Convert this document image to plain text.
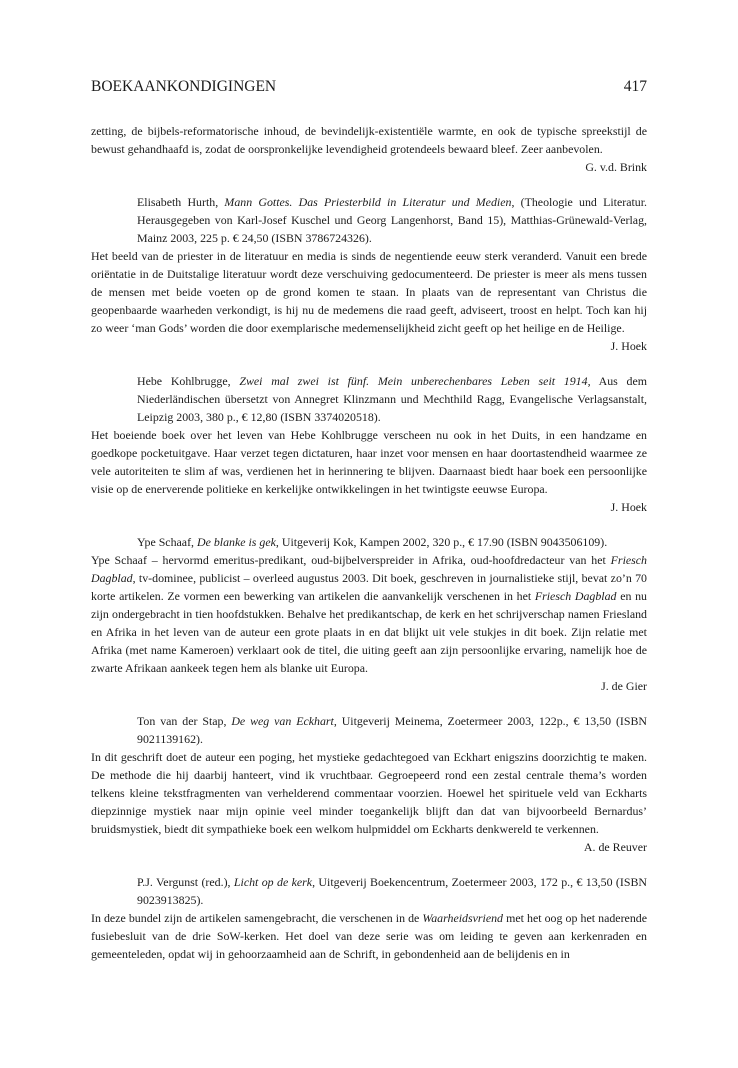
BOEKAANKONDIGINGEN	417

zetting, de bijbels-reformatorische inhoud, de bevindelijk-existentiële warmte, en ook de typische spreekstijl de bewust gehandhaafd is, zodat de oorspronkelijke levendigheid grotendeels bewaard bleef. Zeer aanbevolen.

G. v.d. Brink

Elisabeth Hurth, Mann Gottes. Das Priesterbild in Literatur und Medien, (Theologie und Literatur. Herausgegeben von Karl-Josef Kuschel und Georg Langenhorst, Band 15), Matthias-Grünewald-Verlag, Mainz 2003, 225 p. € 24,50 (ISBN 3786724326).

Het beeld van de priester in de literatuur en media is sinds de negentiende eeuw sterk veranderd. Vanuit een brede oriëntatie in de Duitstalige literatuur wordt deze verschuiving gedocumenteerd. De priester is meer als mens tussen de mensen met beide voeten op de grond komen te staan. In plaats van de representant van Christus die geopenbaarde waarheden verkondigt, is hij nu de medemens die raad geeft, adviseert, troost en helpt. Toch kan hij zo weer ‘man Gods’ worden die door exemplarische medemenselijkheid zicht geeft op het heilige en de Heilige.

J. Hoek

Hebe Kohlbrugge, Zwei mal zwei ist fünf. Mein unberechenbares Leben seit 1914, Aus dem Niederländischen übersetzt von Annegret Klinzmann und Mechthild Ragg, Evangelische Verlagsanstalt, Leipzig 2003, 380 p., € 12,80 (ISBN 3374020518).

Het boeiende boek over het leven van Hebe Kohlbrugge verscheen nu ook in het Duits, in een handzame en goedkope pocketuitgave. Haar verzet tegen dictaturen, haar inzet voor mensen en haar doortastendheid waarmee ze vele autoriteiten te slim af was, verdienen het in herinnering te blijven. Daarnaast biedt haar boek een persoonlijke visie op de enerverende politieke en kerkelijke ontwikkelingen in het twintigste eeuwse Europa.

J. Hoek

Ype Schaaf, De blanke is gek, Uitgeverij Kok, Kampen 2002, 320 p., € 17.90 (ISBN 9043506109).

Ype Schaaf – hervormd emeritus-predikant, oud-bijbelverspreider in Afrika, oud-hoofdredacteur van het Friesch Dagblad, tv-dominee, publicist – overleed augustus 2003. Dit boek, geschreven in journalistieke stijl, bevat zo’n 70 korte artikelen. Ze vormen een bewerking van artikelen die aanvankelijk verschenen in het Friesch Dagblad en nu zijn ondergebracht in tien hoofdstukken. Behalve het predikantschap, de kerk en het schrijverschap namen Friesland en Afrika in het leven van de auteur een grote plaats in en dat blijkt uit vele stukjes in dit boek. Zijn relatie met Afrika (met name Kameroen) verklaart ook de titel, die uiting geeft aan zijn persoonlijke ervaring, namelijk hoe de zwarte Afrikaan aankeek tegen hem als blanke uit Europa.

J. de Gier

Ton van der Stap, De weg van Eckhart, Uitgeverij Meinema, Zoetermeer 2003, 122p., € 13,50 (ISBN 9021139162).

In dit geschrift doet de auteur een poging, het mystieke gedachtegoed van Eckhart enigszins doorzichtig te maken. De methode die hij daarbij hanteert, vind ik vruchtbaar. Gegroepeerd rond een zestal centrale thema’s worden telkens kleine tekstfragmenten van verhelderend commentaar voorzien. Hoewel het spirituele veld van Eckharts diepzinnige mystiek naar mijn opinie veel minder toegankelijk blijft dan dat van bijvoorbeeld Bernardus’ bruidsmystiek, biedt dit sympathieke boek een welkom hulpmiddel om Eckharts denkwereld te verkennen.

A. de Reuver

P.J. Vergunst (red.), Licht op de kerk, Uitgeverij Boekencentrum, Zoetermeer 2003, 172 p., € 13,50 (ISBN 9023913825).

In deze bundel zijn de artikelen samengebracht, die verschenen in de Waarheidsvriend met het oog op het naderende fusiebesluit van de drie SoW-kerken. Het doel van deze serie was om leiding te geven aan kerkenraden en gemeenteleden, opdat wij in gehoorzaamheid aan de Schrift, in gebondenheid aan de belijdenis en in
